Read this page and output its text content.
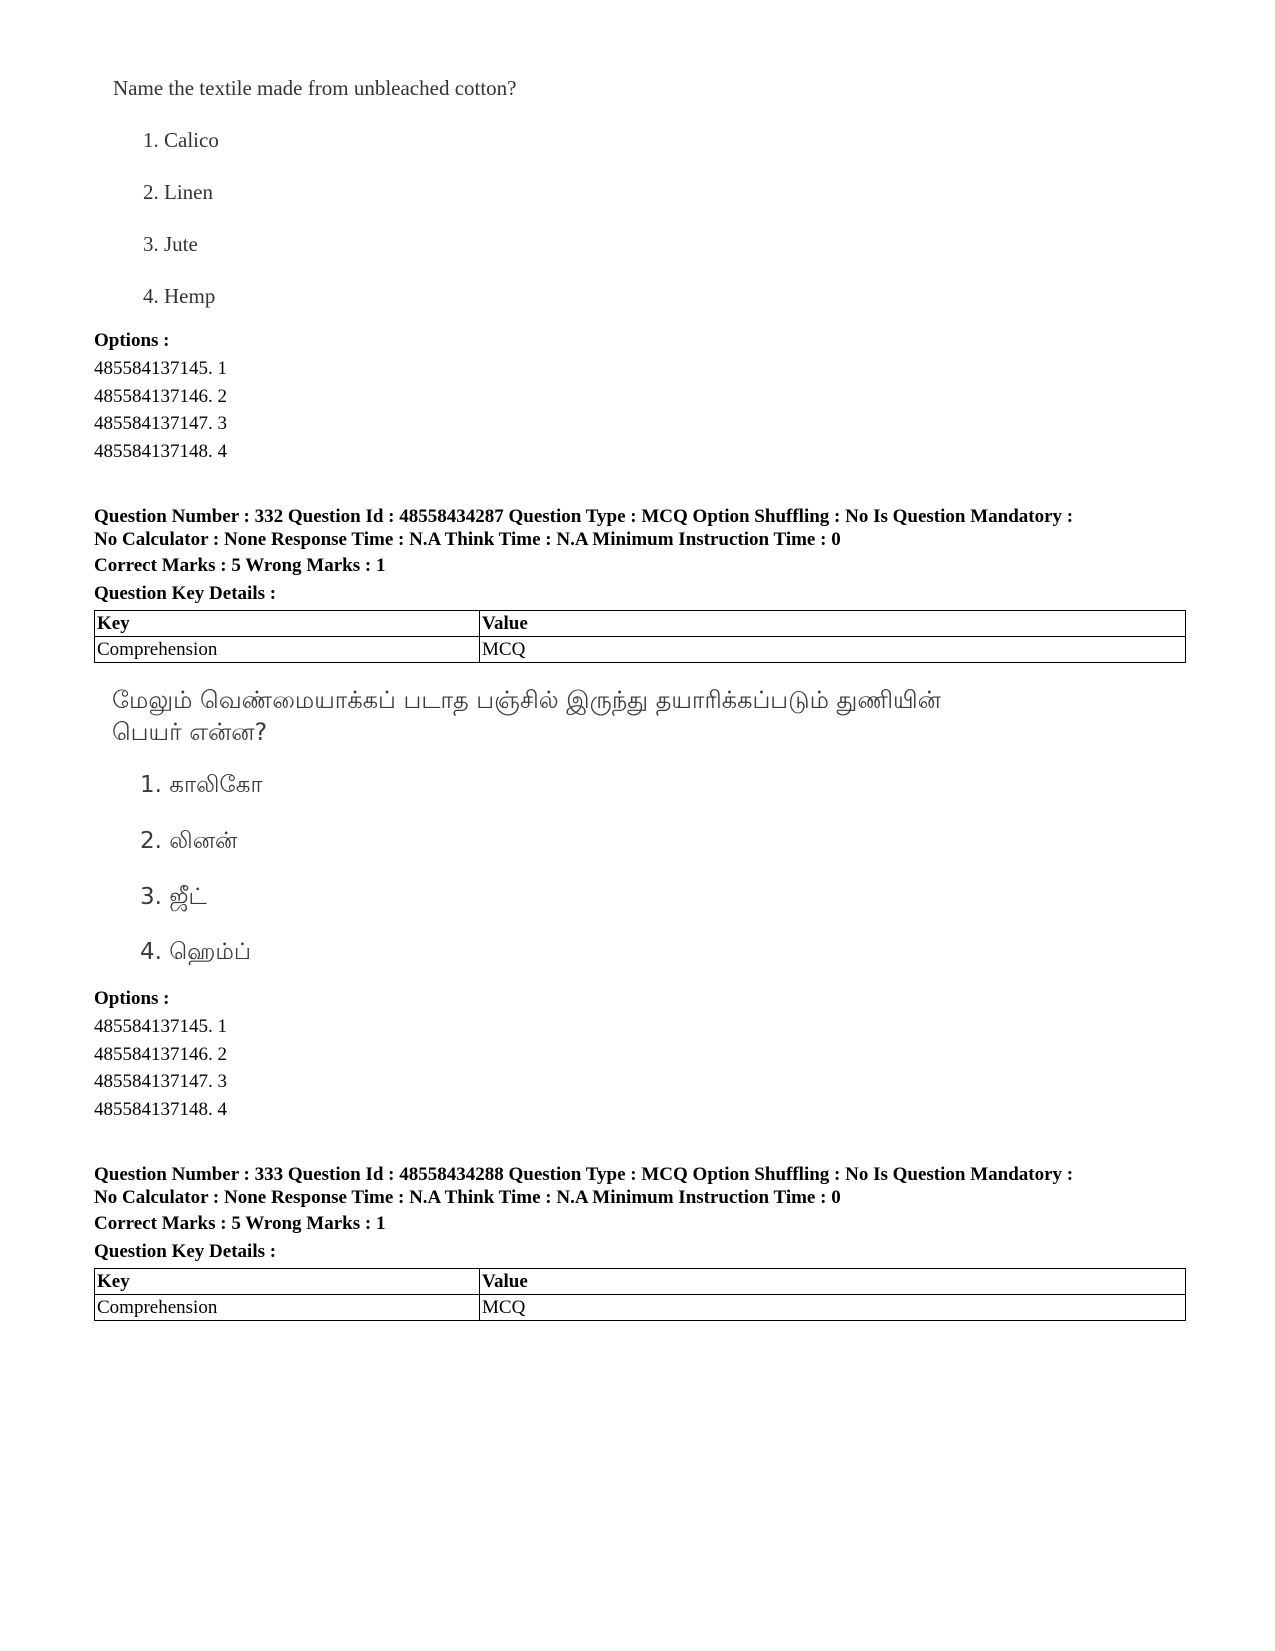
Name the textile made from unbleached cotton?
1. Calico
2. Linen
3. Jute
4. Hemp
Options :
485584137145. 1
485584137146. 2
485584137147. 3
485584137148. 4
Question Number : 332 Question Id : 48558434287 Question Type : MCQ Option Shuffling : No Is Question Mandatory :
No Calculator : None Response Time : N.A Think Time : N.A Minimum Instruction Time : 0
Correct Marks : 5 Wrong Marks : 1
Question Key Details :
Key	Value
Comprehension	MCQ
மேலும் வெண்மையாக்கப் படாத பஞ்சில் இருந்து தயாரிக்கப்படும் துணியின்
பெயர் என்ன?
1. காலிகோ
2. லினன்
3. ஜீட்
4. ஹெம்ப்
Options :
485584137145. 1
485584137146. 2
485584137147. 3
485584137148. 4
Question Number : 333 Question Id : 48558434288 Question Type : MCQ Option Shuffling : No Is Question Mandatory :
No Calculator : None Response Time : N.A Think Time : N.A Minimum Instruction Time : 0
Correct Marks : 5 Wrong Marks : 1
Question Key Details :
Key	Value
Comprehension	MCQ
